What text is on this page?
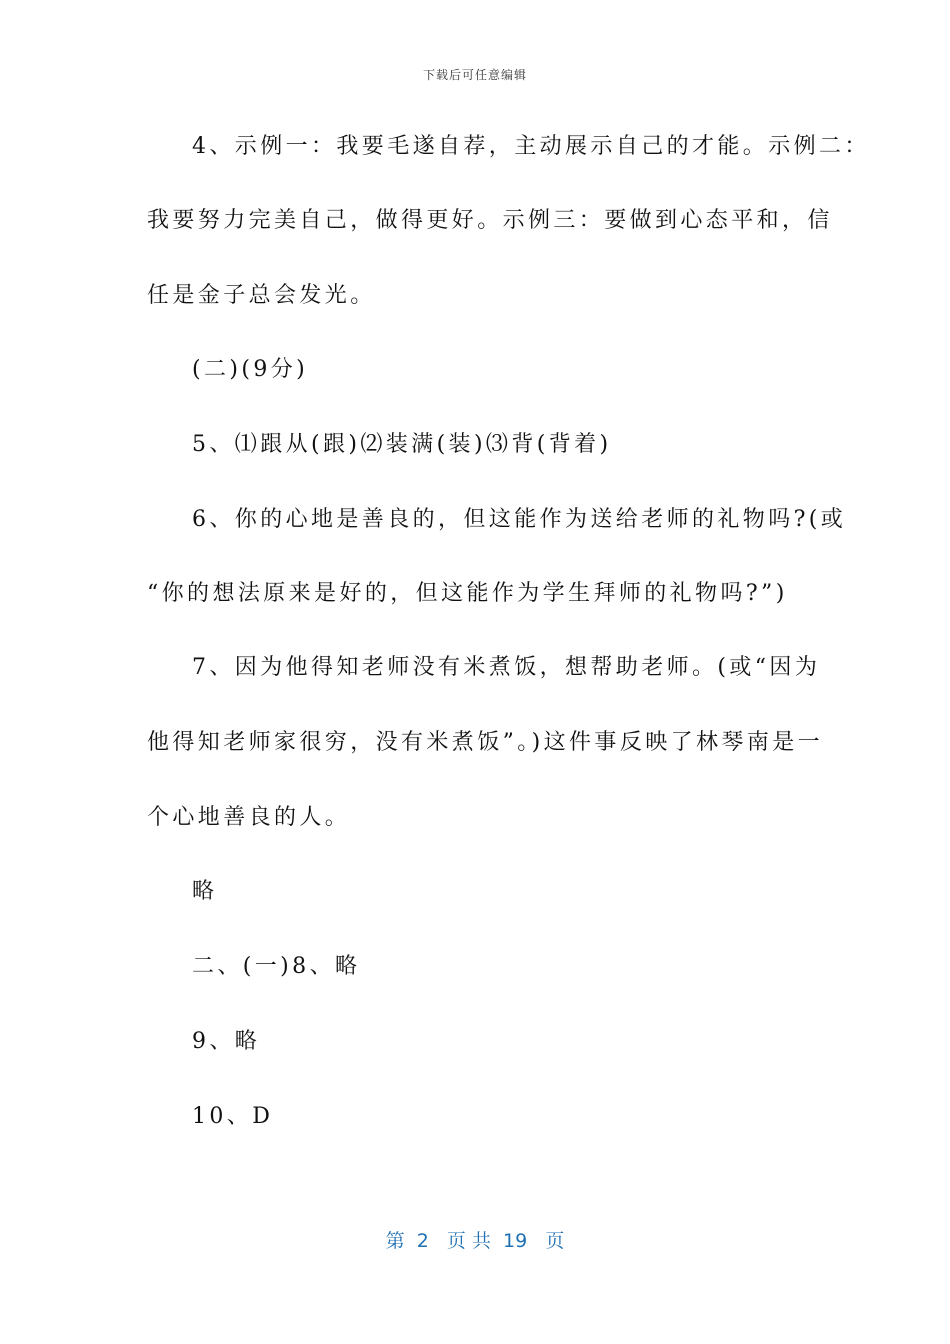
下载后可任意编辑
4、示例一：我要毛遂自荐，主动展示自己的才能。示例二：
我要努力完美自己，做得更好。示例三：要做到心态平和，信
任是金子总会发光。
(二)(9分)
5、⑴跟从(跟)⑵装满(装)⑶背(背着)
6、你的心地是善良的，但这能作为送给老师的礼物吗?(或
“你的想法原来是好的，但这能作为学生拜师的礼物吗?”)
7、因为他得知老师没有米煮饭，想帮助老师。(或“因为
他得知老师家很穷，没有米煮饭”。)这件事反映了林琴南是一
个心地善良的人。
略
二、(一)8、略
9、略
10、D
第  2   页 共  19   页
